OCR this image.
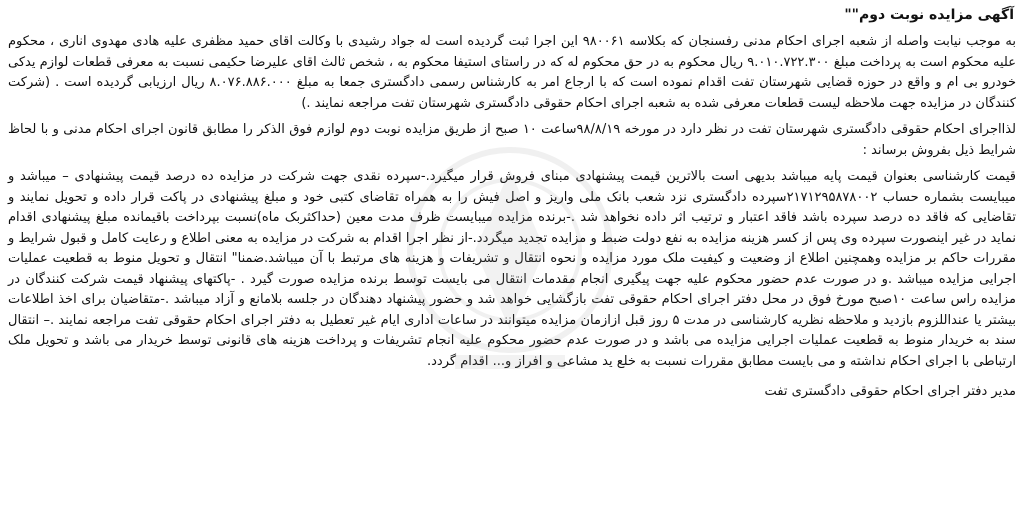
آگهی مزایده نوبت دوم""

به موجب نیابت واصله از شعبه اجرای احکام مدنی رفسنجان که بکلاسه ۹۸۰۰۶۱ این اجرا ثبت گردیده است له جواد رشیدی با وکالت اقای حمید مظفری علیه هادی مهدوی اناری ، محکوم علیه محکوم است به پرداخت مبلغ ۹.۰۱۰.۷۲۲.۳۰۰ ریال محکوم به در حق محکوم له که در راستای استیفا محکوم به ، شخص ثالث اقای علیرضا حکیمی نسبت به معرفی قطعات لوازم یدکی خودرو بی ام و واقع در حوزه قضایی شهرستان تفت اقدام نموده است که با ارجاع امر به کارشناس رسمی دادگستری جمعا به مبلغ ۸.۰۷۶.۸۸۶.۰۰۰ ریال ارزیابی گردیده است . (شرکت کنندگان در مزایده جهت ملاحظه لیست قطعات معرفی شده به شعبه اجرای احکام حقوقی دادگستری شهرستان تفت مراجعه نمایند .)

لذااجرای احکام حقوقی دادگستری شهرستان تفت در نظر دارد در مورخه ۹۸/۸/۱۹ساعت ۱۰ صبح از طریق مزایده نوبت دوم لوازم فوق الذکر را مطابق قانون اجرای احکام مدنی و با لحاظ شرایط ذیل بفروش برساند :

قیمت کارشناسی بعنوان قیمت پایه میباشد بدیهی است بالاترین قیمت پیشنهادی مبنای فروش قرار میگیرد.-سپرده نقدی جهت شرکت در مزایده ده درصد قیمت پیشنهادی – میباشد و میبایست بشماره حساب ۲۱۷۱۲۹۵۸۷۸۰۰۲سپرده دادگستری نزد شعب بانک ملی واریز و اصل فیش را به همراه تقاضای کتبی خود و مبلغ پیشنهادی در پاکت قرار داده و تحویل نمایند و تقاضایی که فاقد ده درصد سپرده باشد فاقد اعتبار و ترتیب اثر داده نخواهد شد .-برنده مزایده میبایست ظرف مدت معین (حداکثربک ماه)نسبت بپرداخت باقیمانده مبلغ پیشنهادی اقدام نماید در غیر اینصورت سپرده وی پس از کسر هزینه مزایده به نفع دولت ضبط و مزایده تجدید میگردد.-از نظر اجرا اقدام به شرکت در مزایده به معنی اطلاع و رعایت کامل و قبول شرایط و مقررات حاکم بر مزایده وهمچنین اطلاع از وضعیت و کیفیت ملک مورد مزایده و نحوه انتقال و تشریفات و هزینه های مرتبط با آن میباشد.ضمنا" انتقال و تحویل منوط به قطعیت عملیات اجرایی مزایده میباشد .و در صورت عدم حضور محکوم علیه جهت پیگیری انجام مقدمات انتقال می بایست توسط برنده مزایده صورت گیرد . -پاکتهای پیشنهاد قیمت شرکت کنندگان در مزایده راس ساعت ۱۰صبح مورخ فوق در محل دفتر اجرای احکام حقوقی تفت بازگشایی خواهد شد و حضور پیشنهاد دهندگان در جلسه بلامانع و آزاد میباشد .-متقاضیان برای اخذ اطلاعات بیشتر یا عنداللزوم بازدید و ملاحظه نظریه کارشناسی در مدت ۵ روز قبل ازازمان مزایده میتوانند در ساعات اداری ایام غیر تعطیل به دفتر اجرای احکام حقوقی تفت مراجعه نمایند .– انتقال سند به خریدار منوط به قطعیت عملیات اجرایی مزایده می باشد و در صورت عدم حضور محکوم علیه انجام تشریفات و پرداخت هزینه های قانونی توسط خریدار می باشد و تحویل ملک ارتباطی با اجرای احکام نداشته و می بایست مطابق مقررات نسبت به خلع ید مشاعی و افراز و... اقدام گردد.

مدیر دفتر اجرای احکام حقوقی دادگستری تفت
